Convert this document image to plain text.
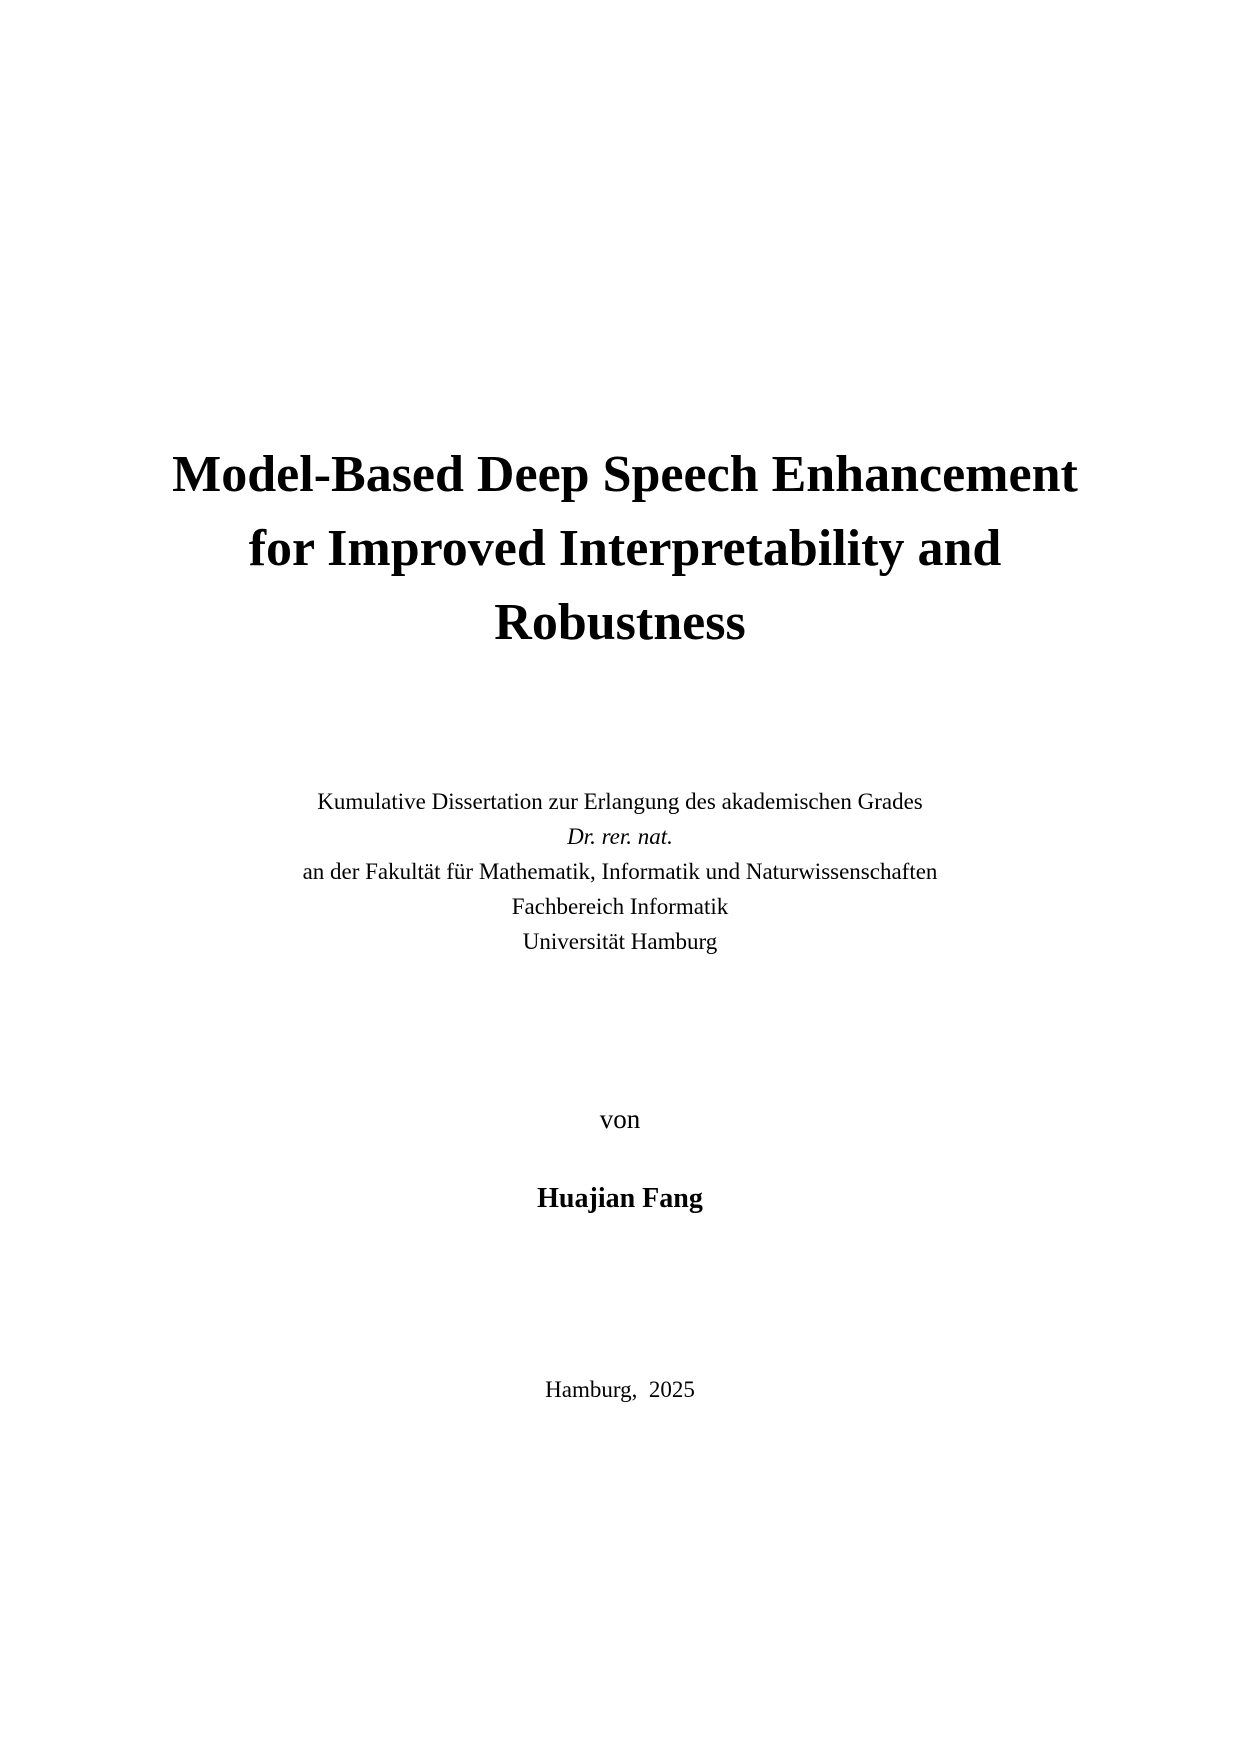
Model-Based Deep Speech Enhancement
for Improved Interpretability and
Robustness
Kumulative Dissertation zur Erlangung des akademischen Grades
Dr. rer. nat.
an der Fakultät für Mathematik, Informatik und Naturwissenschaften
Fachbereich Informatik
Universität Hamburg
von
Huajian Fang
Hamburg,  2025
